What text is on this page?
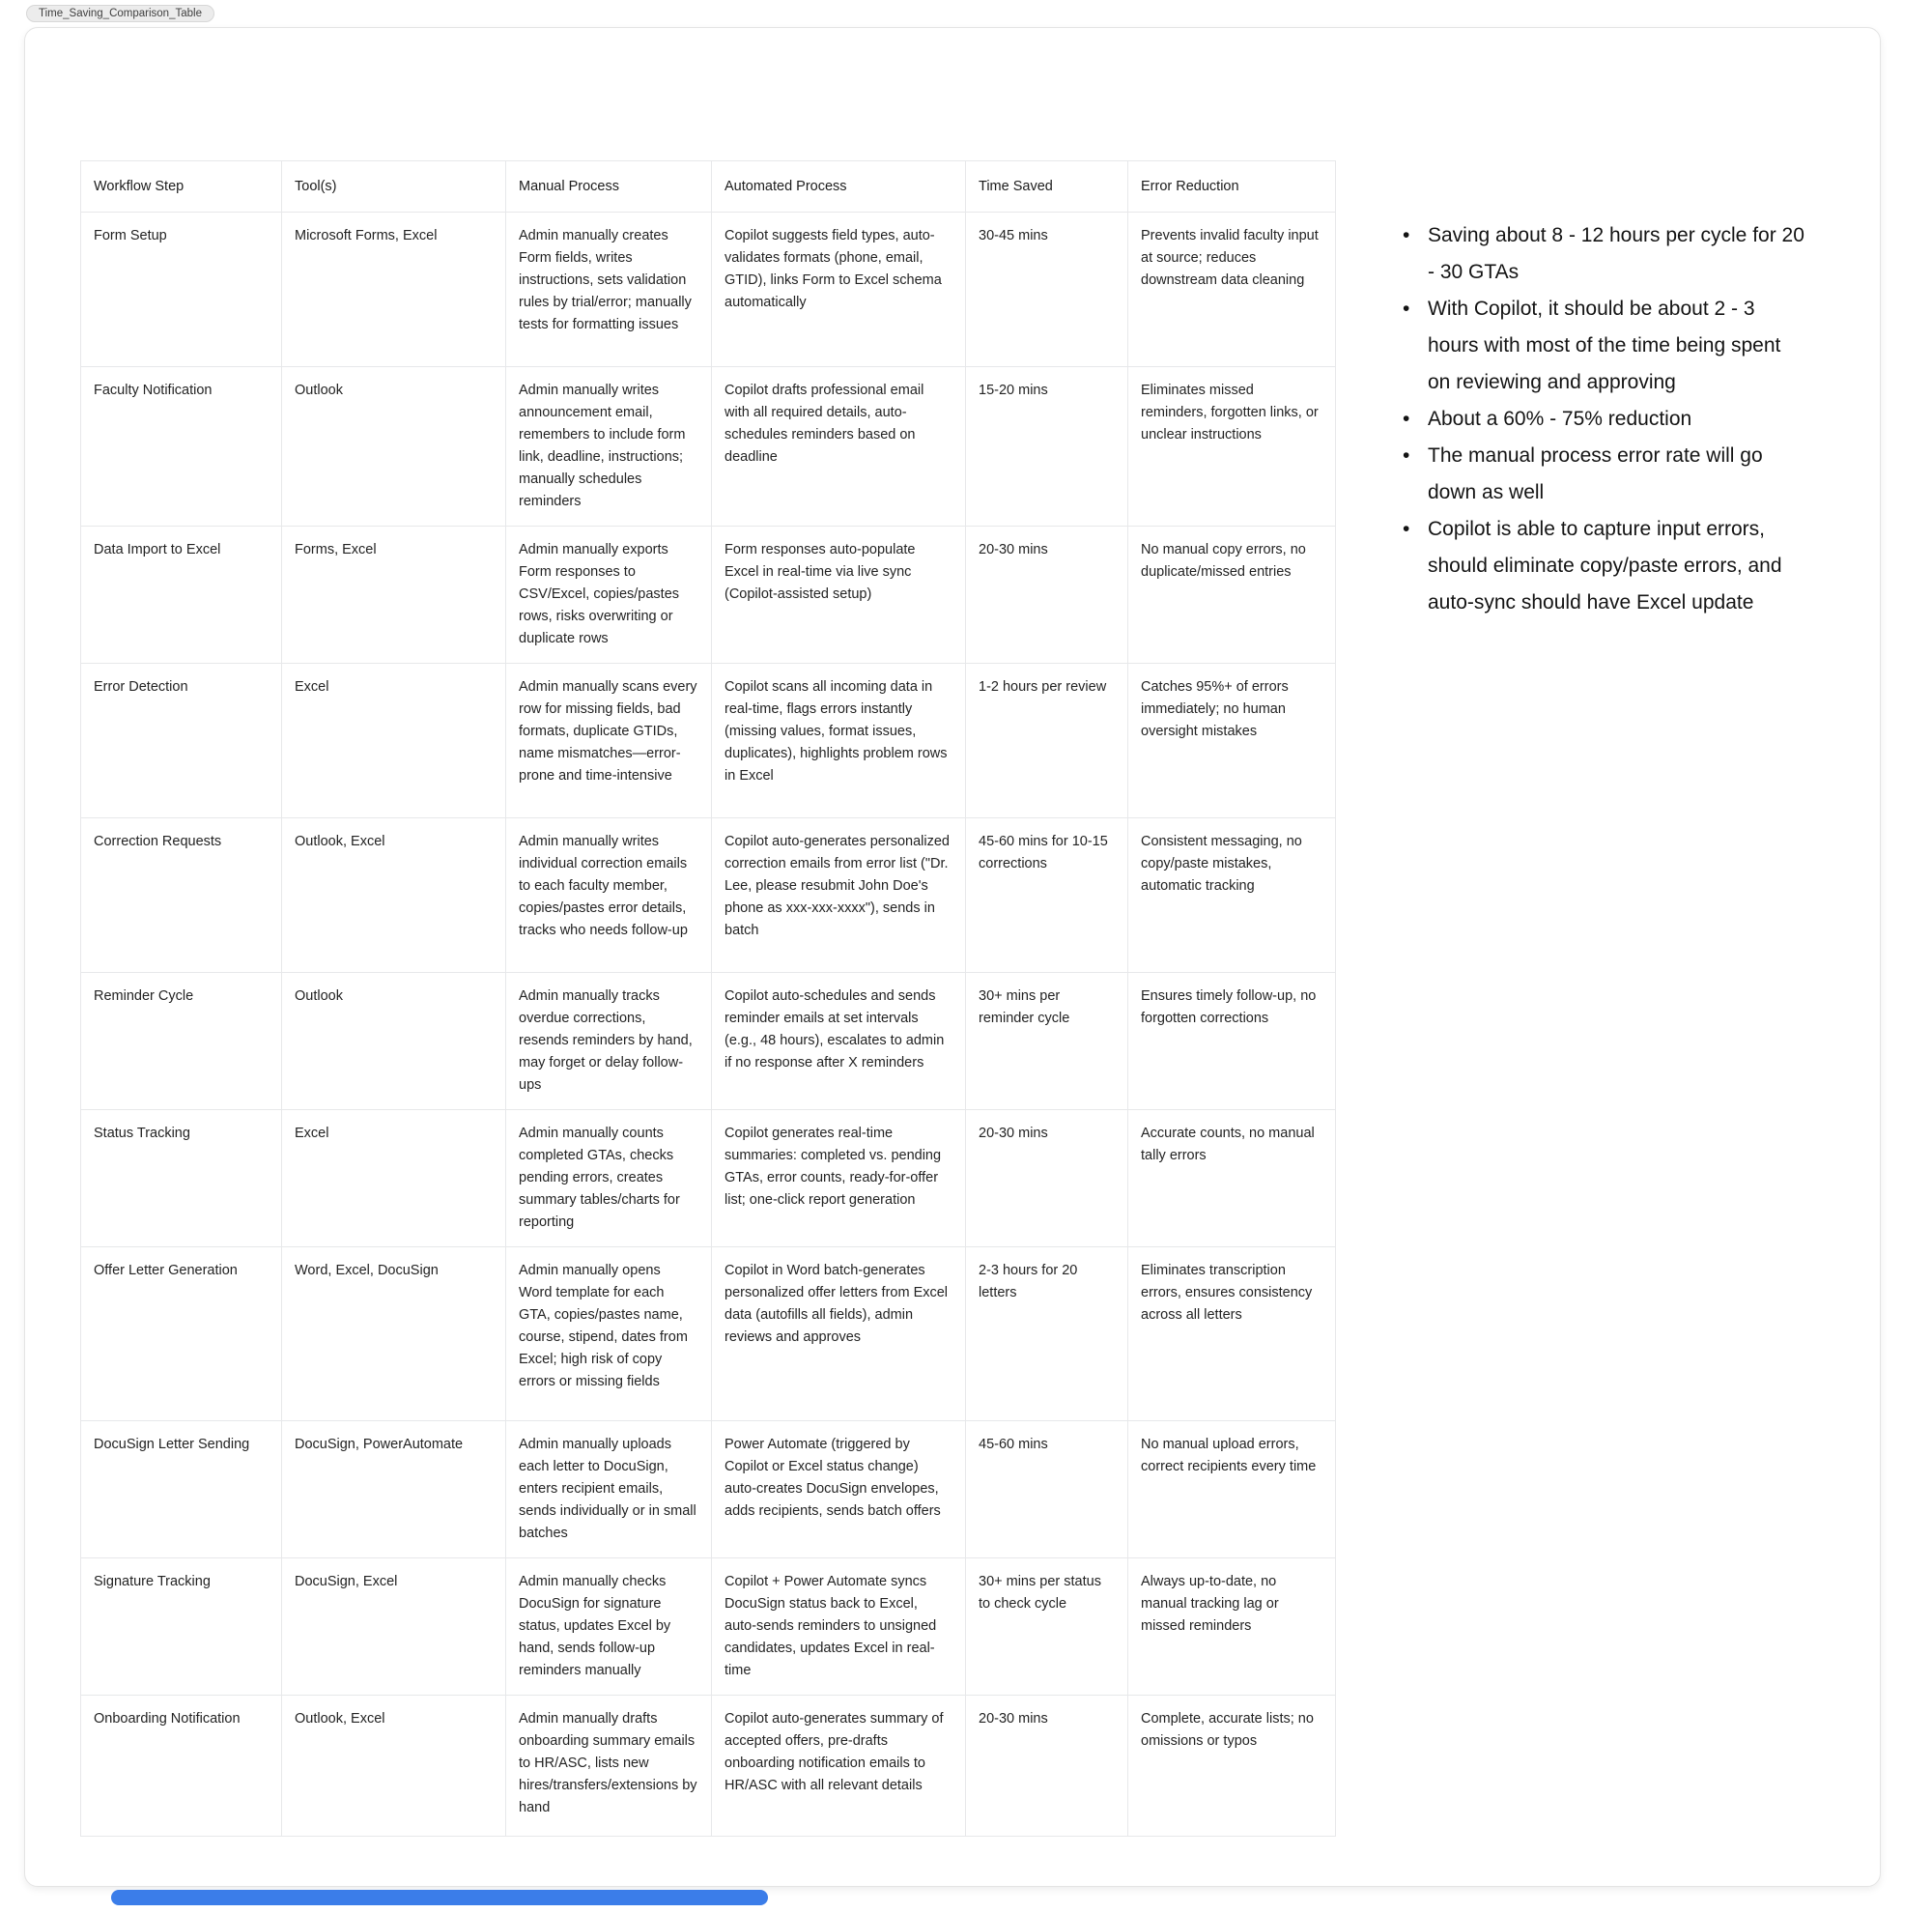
Time_Saving_Comparison_Table
Workflow Step	Tool(s)	Manual Process	Automated Process	Time Saved	Error Reduction
Form Setup	Microsoft Forms, Excel	Admin manually creates Form fields, writes instructions, sets validation rules by trial/error; manually tests for formatting issues	Copilot suggests field types, auto-validates formats (phone, email, GTID), links Form to Excel schema automatically	30-45 mins	Prevents invalid faculty input at source; reduces downstream data cleaning
Faculty Notification	Outlook	Admin manually writes announcement email, remembers to include form link, deadline, instructions; manually schedules reminders	Copilot drafts professional email with all required details, auto-schedules reminders based on deadline	15-20 mins	Eliminates missed reminders, forgotten links, or unclear instructions
Data Import to Excel	Forms, Excel	Admin manually exports Form responses to CSV/Excel, copies/pastes rows, risks overwriting or duplicate rows	Form responses auto-populate Excel in real-time via live sync (Copilot-assisted setup)	20-30 mins	No manual copy errors, no duplicate/missed entries
Error Detection	Excel	Admin manually scans every row for missing fields, bad formats, duplicate GTIDs, name mismatches—error-prone and time-intensive	Copilot scans all incoming data in real-time, flags errors instantly (missing values, format issues, duplicates), highlights problem rows in Excel	1-2 hours per review	Catches 95%+ of errors immediately; no human oversight mistakes
Correction Requests	Outlook, Excel	Admin manually writes individual correction emails to each faculty member, copies/pastes error details, tracks who needs follow-up	Copilot auto-generates personalized correction emails from error list ("Dr. Lee, please resubmit John Doe's phone as xxx-xxx-xxxx"), sends in batch	45-60 mins for 10-15 corrections	Consistent messaging, no copy/paste mistakes, automatic tracking
Reminder Cycle	Outlook	Admin manually tracks overdue corrections, resends reminders by hand, may forget or delay follow-ups	Copilot auto-schedules and sends reminder emails at set intervals (e.g., 48 hours), escalates to admin if no response after X reminders	30+ mins per reminder cycle	Ensures timely follow-up, no forgotten corrections
Status Tracking	Excel	Admin manually counts completed GTAs, checks pending errors, creates summary tables/charts for reporting	Copilot generates real-time summaries: completed vs. pending GTAs, error counts, ready-for-offer list; one-click report generation	20-30 mins	Accurate counts, no manual tally errors
Offer Letter Generation	Word, Excel, DocuSign	Admin manually opens Word template for each GTA, copies/pastes name, course, stipend, dates from Excel; high risk of copy errors or missing fields	Copilot in Word batch-generates personalized offer letters from Excel data (autofills all fields), admin reviews and approves	2-3 hours for 20 letters	Eliminates transcription errors, ensures consistency across all letters
DocuSign Letter Sending	DocuSign, PowerAutomate	Admin manually uploads each letter to DocuSign, enters recipient emails, sends individually or in small batches	Power Automate (triggered by Copilot or Excel status change) auto-creates DocuSign envelopes, adds recipients, sends batch offers	45-60 mins	No manual upload errors, correct recipients every time
Signature Tracking	DocuSign, Excel	Admin manually checks DocuSign for signature status, updates Excel by hand, sends follow-up reminders manually	Copilot + Power Automate syncs DocuSign status back to Excel, auto-sends reminders to unsigned candidates, updates Excel in real-time	30+ mins per status to check cycle	Always up-to-date, no manual tracking lag or missed reminders
Onboarding Notification	Outlook, Excel	Admin manually drafts onboarding summary emails to HR/ASC, lists new hires/transfers/extensions by hand	Copilot auto-generates summary of accepted offers, pre-drafts onboarding notification emails to HR/ASC with all relevant details	20-30 mins	Complete, accurate lists; no omissions or typos
• Saving about 8 - 12 hours per cycle for 20 - 30 GTAs
• With Copilot, it should be about 2 - 3 hours with most of the time being spent on reviewing and approving
• About a 60% - 75% reduction
• The manual process error rate will go down as well
• Copilot is able to capture input errors, should eliminate copy/paste errors, and auto-sync should have Excel update
